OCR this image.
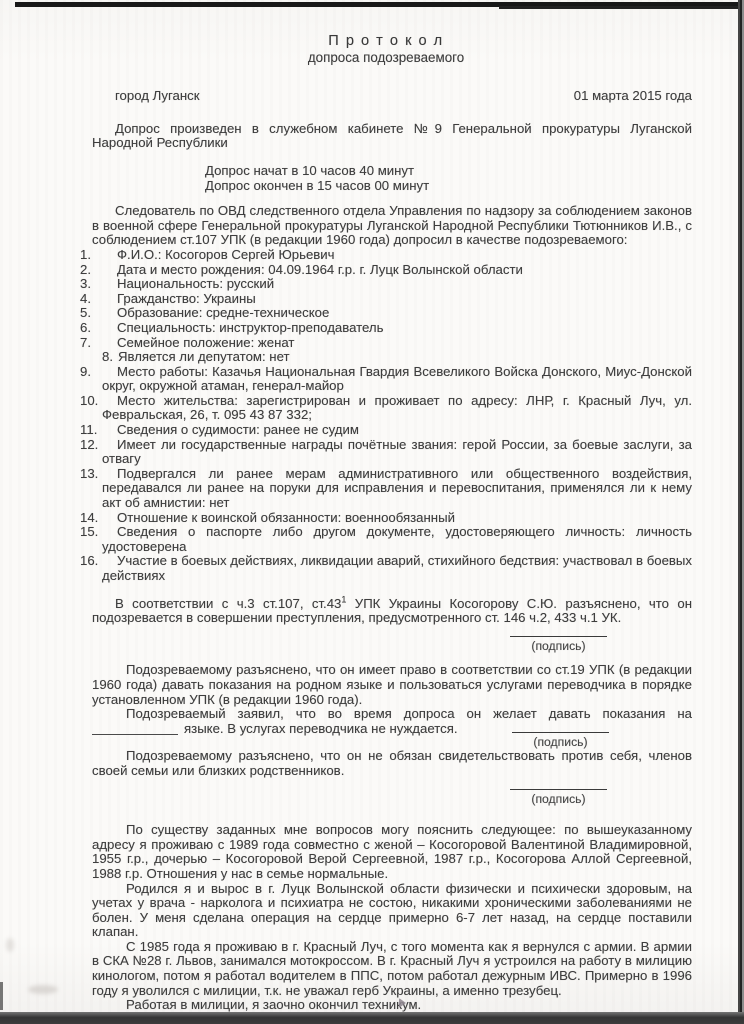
П р о т о к о л
допроса подозреваемого
город Луганск	01 марта 2015 года

Допрос произведен в служебном кабинете №9 Генеральной прокуратуры Луганской Народной Республики

Допрос начат в 10 часов 40 минут
Допрос окончен в 15 часов 00 минут

Следователь по ОВД следственного отдела Управления по надзору за соблюдением законов в военной сфере Генеральной прокуратуры Луганской Народной Республики Тютюнников И.В., с соблюдением ст.107 УПК (в редакции 1960 года) допросил в качестве подозреваемого:

1. Ф.И.О.: Косогоров Сергей Юрьевич
2. Дата и место рождения: 04.09.1964 г.р. г. Луцк Волынской области
3. Национальность: русский
4. Гражданство: Украины
5. Образование: средне-техническое
6. Специальность: инструктор-преподаватель
7. Семейное положение: женат
8. Является ли депутатом: нет
9. Место работы: Казачья Национальная Гвардия Всевеликого Войска Донского, Миус-Донской округ, окружной атаман, генерал-майор
10. Место жительства: зарегистрирован и проживает по адресу: ЛНР, г. Красный Луч, ул. Февральская, 26, т. 095 43 87 332;
11. Сведения о судимости: ранее не судим
12. Имеет ли государственные награды почётные звания: герой России, за боевые заслуги, за отвагу
13. Подвергался ли ранее мерам административного или общественного воздействия, передавался ли ранее на поруки для исправления и перевоспитания, применялся ли к нему акт об амнистии: нет
14. Отношение к воинской обязанности: военнообязанный
15. Сведения о паспорте либо другом документе, удостоверяющего личность: личность удостоверена
16. Участие в боевых действиях, ликвидации аварий, стихийного бедствия: участвовал в боевых действиях

В соответствии с ч.3 ст.107, $ст.43^1$ УПК Украины Косогорову С.Ю. разъяснено, что он подозревается в совершении преступления, предусмотренного ст. 146 ч.2, 433 ч.1 УК.

(подпись)

Подозреваемому разъяснено, что он имеет право в соответствии со ст.19 УПК (в редакции 1960 года) давать показания на родном языке и пользоваться услугами переводчика в порядке установленном УПК (в редакции 1960 года).

Подозреваемый заявил, что во время допроса он желает давать показания на
языке. В услугах переводчика не нуждается.
(подпись)

Подозреваемому разъяснено, что он не обязан свидетельствовать против себя, членов своей семьи или близких родственников.

(подпись)

По существу заданных мне вопросов могу пояснить следующее: по вышеуказанному адресу я проживаю с 1989 года совместно с женой – Косогоровой Валентиной Владимировной, 1955 г.р., дочерью – Косогоровой Верой Сергеевной, 1987 г.р., Косогорова Аллой Сергеевной, 1988 г.р. Отношения у нас в семье нормальные.

Родился я и вырос в г. Луцк Волынской области физически и психически здоровым, на учетах у врача - нарколога и психиатра не состою, никакими хроническими заболеваниями не болен. У меня сделана операция на сердце примерно 6-7 лет назад, на сердце поставили клапан.

С 1985 года я проживаю в г. Красный Луч, с того момента как я вернулся с армии. В армии в СКА №28 г. Львов, занимался мотокроссом. В г. Красный Луч я устроился на работу в милицию кинологом, потом я работал водителем в ППС, потом работал дежурным ИВС. Примерно в 1996 году я уволился с милиции, т.к. не уважал герб Украины, а именно трезубец.

Работая в милиции, я заочно окончил техникум.
